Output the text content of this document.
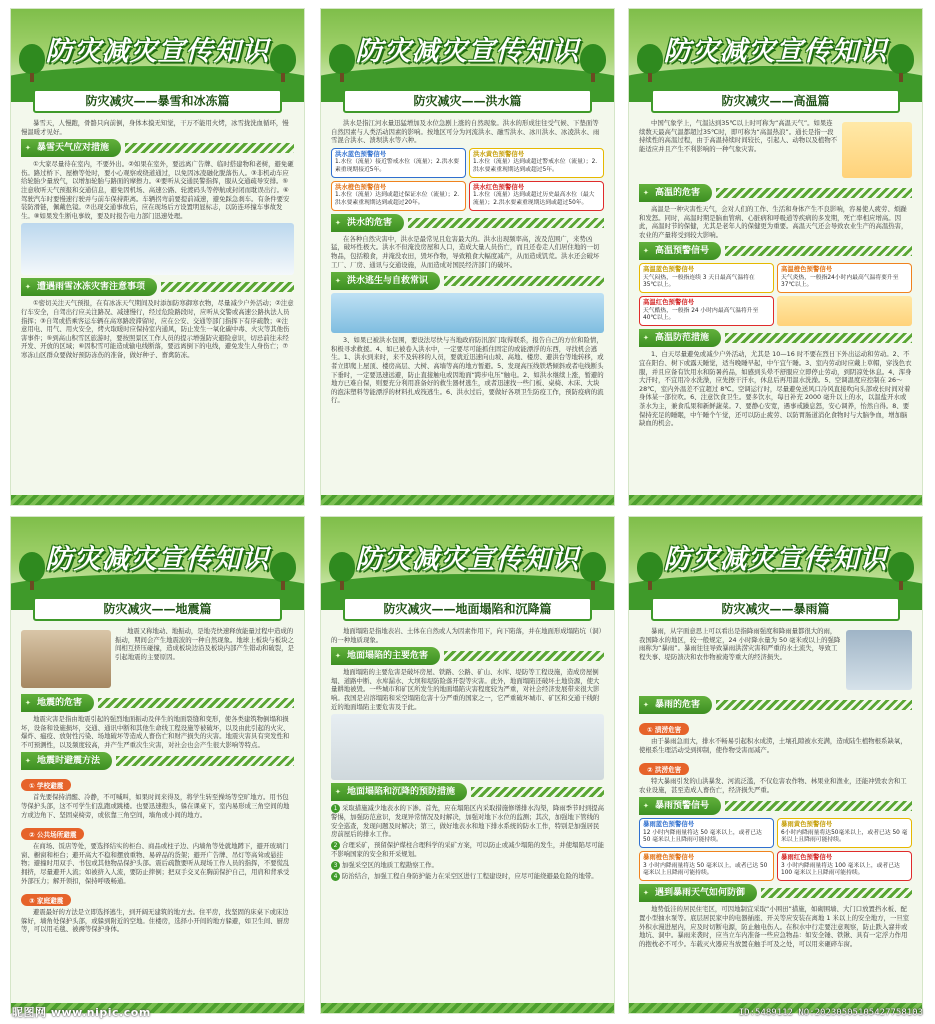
防灾减灾宣传知识
防灾减灾——暴雪和冰冻篇

暴雪天，人慢跑，骨骼只向前倒，身体本摸无知觉，干万不能用火烤，冰雪拢洗血循环，慢慢温暖才见好。

✦ 暴雪天气应对措施

①大家尽量待在室内，不要外出。②如果在室外，要远离广告牌、临时搭建物和老树，避免砸伤。路过桥下、屋檐等处时，要小心观察或绕道通过，以免因冰凌融化脱落伤人。③非机动车应给轮胎少量放气，以增加轮胎与路面的摩擦力。④要听从交通民警指挥，服从交通疏导安排。⑤注意收听天气预报和交通信息，避免因机场、高速公路、轮渡码头等停航或封闭而耽误出行。⑥驾驶汽车时要慢速行驶并与前车保持距离。车辆拐弯前要提前减速，避免踩急刹车。有条件要安装防滑链，佩戴色镜。⑦出现交通事故后，应在现场后方设置明显标志，以防连环撞车事故发生。⑧如果发生断电事故，要及时报告电力部门迅速处理。

✦ 遭遇雨雪冰冻灾害注意事项

①密切关注天气预报，在有冰冻天气期间及时添加防寒御寒衣物，尽量减少户外活动；②注意行车安全，自驾出行应关注路况、减速慢行，经过危险路段时，应听从交警或高速公路执法人员指挥；③自驾或搭乘客运车辆在高寒路段滞留时，应在公安、交通等部门指挥下有序疏散；④注意用电、用气、用火安全，烤火取暖时应保持室内通风，防止发生一氧化碳中毒、火灾等其他伤害事件；⑤到高山积雪区旅游时，要按照景区工作人员的提示增强防灾避险意识，切忌前往未经开发、开放的区域；⑥因积雪可能造成输电线断落，要远离倒下的电线，避免发生人身伤亡；⑦寒冻山区群众要做好预防冻伤的准备，做好种子、畜禽防冻。

防灾减灾宣传知识
防灾减灾——洪水篇

洪水是指江河水量迅猛增加及水位急剧上涨的自然现象。洪水的形成往往受气候、下垫面等自然因素与人类活动因素的影响。按地区可分为河流洪水、融雪洪水、冰川洪水、冰凌洪水、雨雪混合洪水、溃坝洪水等六种。

洪水蓝色预警信号
1.水位（流量）接近警戒水位（流量）；2.洪水要素重现期接近5年。
洪水黄色预警信号
1.水位（流量）达到或超过警戒水位（流量）；2.洪水要素重现期达到或超过5年。
洪水橙色预警信号
1.水位（流量）达到或超过保证水位（流量）；2.洪水要素重现期达到或超过20年。
洪水红色预警信号
1.水位（流量）达到或超过历史最高水位（最大流量）；2.洪水要素重现期达到或超过50年。
✦ 洪水的危害

在各种自然灾害中，洪水是最常见且危害最大的。洪水出现频率高，波及范围广，来势凶猛，破坏性极大。洪水不但淹没房屋和人口，造成大量人员伤亡，而且还卷走人们居住地的一切物品，包括粮食，并淹没农田，毁坏作物，导致粮食大幅度减产，从而造成饥荒。洪水还会破坏工厂、厂房、通讯与交通设施，从而造成对国民经济部门的破坏。

✦ 洪水逃生与自救常识

3、如果已被洪水包围，要设法尽快与当地政府防汛部门取得联系，报告自己的方位和险情，积极寻求救援。4、如已被卷入洪水中，一定要尽可能抓住固定的或能漂浮的东西，寻找机会逃生。1、洪水到来时，来不及转移的人员，要就近迅速向山坡、高地、楼房、避洪台等地转移，或者立即爬上屋顶、楼房高层、大树、高墙等高的地方暂避。5、发现高压线铁塔倾斜或者电线断头下垂时，一定要迅速远避，防止直接触电或因地面“跨步电压”触电。2、如洪水继续上涨，暂避的地方已难自保，则要充分利用准备好的救生器材逃生，或者迅速找一些门板、桌椅、木床、大块的泡沫塑料等能漂浮的材料扎成筏逃生。6、洪水过后，要做好各项卫生防疫工作，预防疫病的流行。

防灾减灾宣传知识
防灾减灾——高温篇

中国气象学上，气温达到35℃以上时可称为“高温天气”。如果连续数天最高气温都超过35℃时，即可称为“高温热浪”。通长是指一段持续性的高温过程，由于高温持续时间较长，引起人、动物以及植物不能适应并且产生不利影响的一种气象灾害。

✦ 高温的危害

高温是一种灾害性天气，会对人们的工作、生活和身体产生不良影响，容易使人疲劳、烦躁和发怒。同时，高温时期是脑血管病、心脏病和呼吸道等疾病的多发期，死亡率相应增高。因此，高温时节的保健，尤其是老年人的保健更为重要。高温天气还会导致农业生产的高温热害，农业的产量将受到较大影响。

✦ 高温预警信号
高温蓝色预警信号
天气闷热，一般指连续 3 天日最高气温将在 35℃以上。
高温橙色预警信号
天气炎热，一般指24小时内最高气温将要升至37℃以上。
高温红色预警信号
天气酷热，一般指 24 小时内最高气温将升至 40℃以上。
✦ 高温防范措施

1、白天尽量避免或减少户外活动，尤其是 10—16 时不要在烈日下外出运动和劳动。2、不宜在阳台、树下或露天睡觉，适当晚睡早起，中午宜午睡。3、室内劳动时应戴上草帽，穿浅色衣服，并且应备有饮用水和防暑药品，如感到头晕不舒服应立即停止劳动，到阴凉处休息。4、浑身大汗时，不宜用冷水洗澡，应先擦干汗水，休息后再用温水洗澡。5、空调温度应控制在 26～28℃，室内外温差不宜超过 8℃。空调运行时，尽量避免送风口冷风直接吹向头部或长时间对着身体某一部位吹。6、注意饮食卫生。要多饮水，每日补充 2000 毫升以上的水，以温盐开水或茶水为主，兼食瓜果和新鲜蔬菜。7、要静心安宽，遇事戒躁息怒，安心调养，怡然自得。8、要保持充足的睡眠，中午睡个午觉，还可以防止疲劳、以防胃肠道消化食物时与大脑争血，增加脑缺血的机会。

防灾减灾宣传知识
防灾减灾——地震篇

地震又称地动、地振动，是地壳快速释放能量过程中造成的振动，期间会产生地震波的一种自然现象。地球上板块与板块之间相互挤压碰撞，造成板块边沿及板块内部产生错动和破裂，是引起地震的主要原因。

✦ 地震的危害

地震灾害是指由地震引起的强烈地面振动及伴生的地面裂缝和变形，使各类建筑物倒塌和损坏，设备和设施损坏，交通、通讯中断和其他生命线工程设施等被破坏，以及由此引起的火灾、爆炸、瘟疫、放射性污染、场地破坏等造成人畜伤亡和财产损失的灾害。地震灾害具有突发性和不可预测性，以及频度较高，并产生严重次生灾害，对社会也会产生很大影响等特点。

✦ 地震时避震方法
① 学校避震

首先要保持清醒、冷静，不可喊叫，如果时间来得及，将学生转至操场等空旷地方。用书包等保护头部，这不可学生们乱跑或跳楼。也要迅速抱头，躲在课桌下，室内易形成三角空间的地方或边角下、坚固桌椅旁，或依靠三角空间，墙角或小间的地方。

② 公共场所避震

在商场、饭店等处，要选择结实的柜台、商品或柱子边、内墙角等处就地蹲下，避开玻璃门窗、橱窗和柜台；避开高大不稳和摆放重物、易碎品的货架；避开广告牌、吊灯等高耸或悬挂物；避撞时用双手、书包或其他物品保护头部。震后疏散要听从现场工作人员的指挥，不要慌乱拥挤，尽量避开人流；如被挤入人流，要防止摔倒；把双手交叉在胸前保护自己，用肩和背承受外部压力；解开领扣，保持呼吸畅通。

③ 家庭避震

避震最好的方法是立即选择逃生，到开阔无建筑的地方去。住平房，找坚固的床桌下或床边躲好，墙角处保护头部，或躲到附近的空地。住楼房，选择小开间的地方躲避，如卫生间、厨房等，可以用毛毯、被褥等保护身体。

防灾减灾宣传知识
防灾减灾——地面塌陷和沉降篇

地面塌陷是指地表岩、土体在自然或人为因素作用下，向下陷落，并在地面形成塌陷坑（洞）的一种地质现象。

✦ 地面塌陷的主要危害

地面塌陷的主要危害是破坏房屋、铁路、公路、矿山、水库、堤防等工程设施，造成房屋倒塌、道路中断、水库漏水、大坝和堤防险落开裂等灾害。此外，地面塌陷还破坏土地资源，使大量耕地被毁。一些城市和矿区所发生的地面塌陷灾害程度较为严重，对社会经济发展带来很大影响。我国是岩溶塌陷和采空塌陷危害十分严重的国家之一，它严重破坏城市、矿区和交通干线附近的地面塌陷主要危害及于此。

✦ 地面塌陷和沉降的预防措施
1 采取措施减少地表水的下渗。首先，应在塌陷区内采取措施修缮排水沟渠，降雨季节时到提高警惕，加强防范意识，发现异常情况及时解决，加强对地下水位的监测；其次，加强地下管线的安全巡查，发现问题及时解决；第三，做好地表水和地下排水系统的防水工作，特别是加强居民房前屋后的排水工作。
2 合理采矿，预留保护煤柱合理科学的采矿方案，可以防止或减少塌陷的发生，并使塌陷尽可能不影响国家的安全和开采规划。
3 加强采空区的地质工程勘察工作。
4 防治结合，加强工程自身防护能力在采空区进行工程建设时，应尽可能绕避最危险的地带。
防灾减灾宣传知识
防灾减灾——暴雨篇

暴雨，从字面意思上可以看出是指降雨强度和降雨量都很大的雨，我国降水的地区，较一般规定，24 小时降水量为 50 毫米或以上的强降雨称为“暴雨”。暴雨往往导致暴雨洪涝灾害和严重的水土流失，导致工程失事、堤防溃决和农作物被淹等重大的经济损失。

✦ 暴雨的危害
① 渍涝危害

由于暴雨急而大，排水不畅易引起积水成涝，土壤孔隙被水充满，造成陆生植物根系缺氧，使根系生理活动受到抑制，使作物受害而减产。

② 洪涝危害

特大暴雨引发的山洪暴发、河流泛滥，不仅危害农作物、林果业和渔业，还能冲毁农舍和工农业设施，甚至造成人畜伤亡，经济损失严重。

✦ 暴雨预警信号
暴雨蓝色预警信号
12 小时内降雨量将达 50 毫米以上，或者已达 50 毫米以上且降雨可能持续。
暴雨黄色预警信号
6小时内降雨量将达50毫米以上，或者已达 50 毫米以上且降雨可能持续。
暴雨橙色预警信号
3 小时内降雨量将达 50 毫米以上，或者已达 50 毫米以上且降雨可能持续。
暴雨红色预警信号
3 小时内降雨量将达 100 毫米以上，或者已达 100 毫米以上且降雨可能持续。
✦ 遇到暴雨天气如何防御

地势低洼的居民住宅区，可因地制宜采取“小围田”措施，如砌围墙、大门口放置挡水板、配置小型抽水泵等。底层居民家中的电器插座、开关等应安装在离地 1 米以上的安全地方，一旦室外积水漫进屋内，应及时切断电源，防止触电伤人。在积水中行走要注意观察，防止跌入窨井或地坑、洞中。暴雨来袭时，应当立车内准备一些应急物品：如安全锤、铁锹、具有一定浮力作用的抱枕必不可少。车载灭火器应当放置在触手可及之处，可以用来砸碎车窗。

昵图网 www.nipic.com	ID:5489112 NO:20230505105427758103
